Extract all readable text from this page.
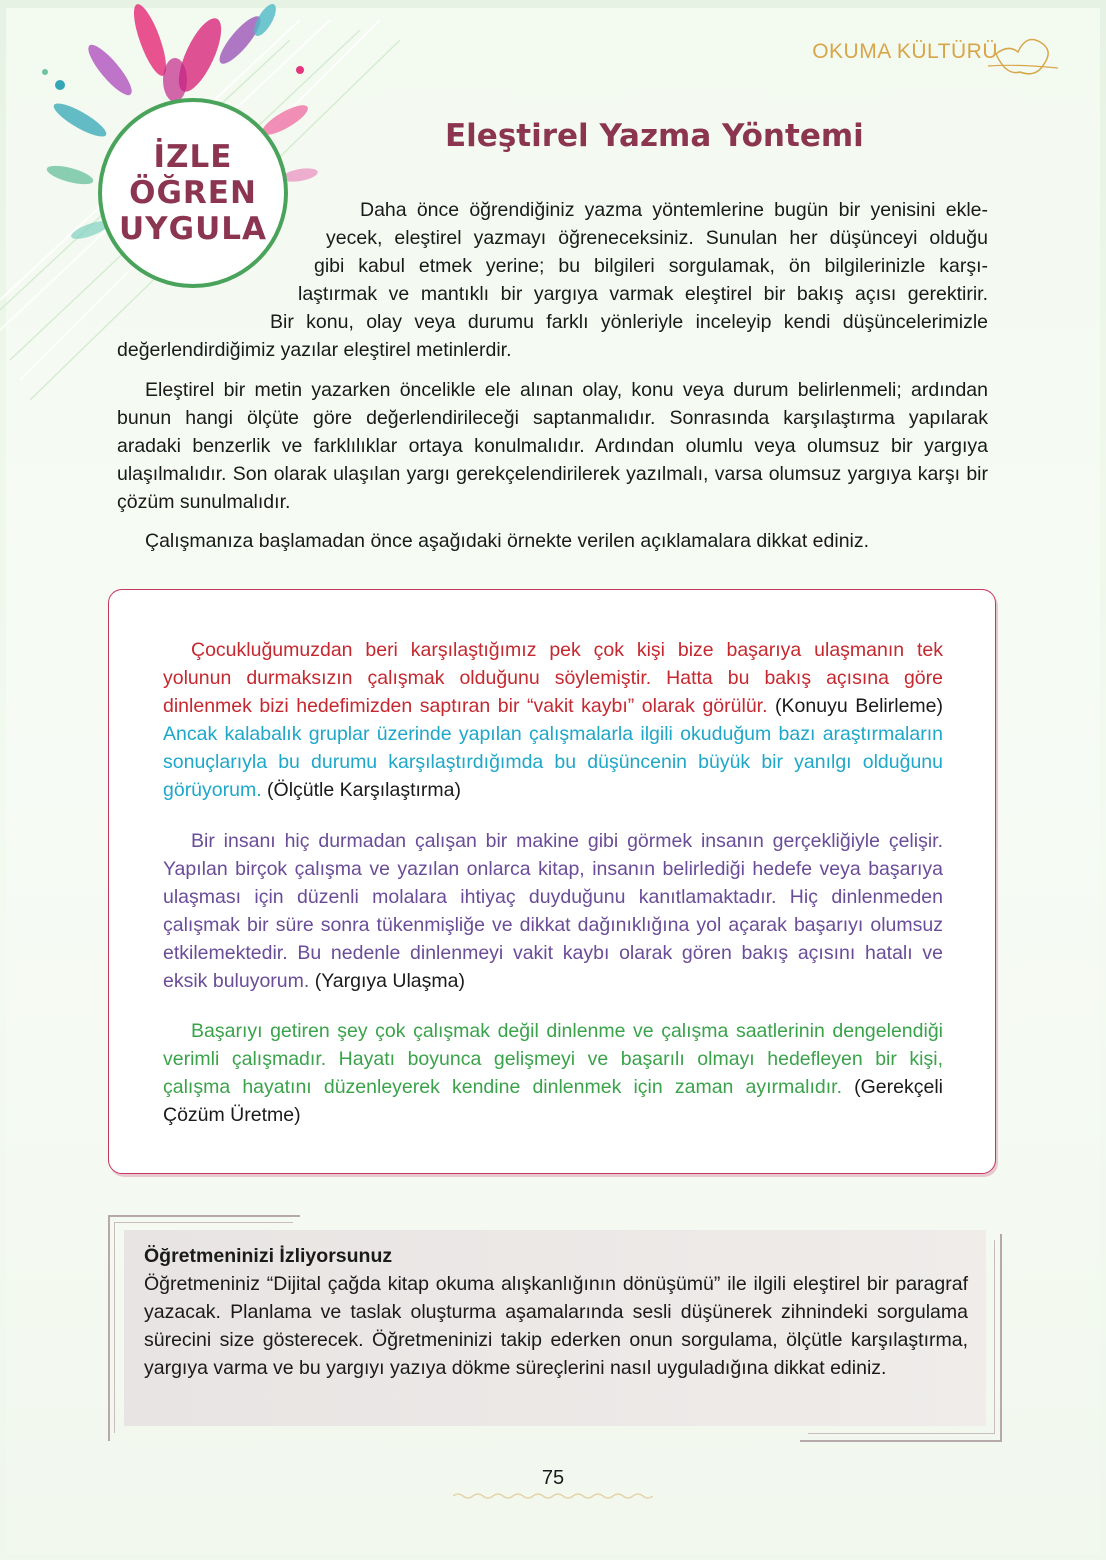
OKUMA KÜLTÜRÜ
İZLE
ÖĞREN
UYGULA
Eleştirel Yazma Yöntemi
Daha önce öğrendiğiniz yazma yöntemlerine bugün bir yenisini ekle-
yecek, eleştirel yazmayı öğreneceksiniz. Sunulan her düşünceyi olduğu
gibi kabul etmek yerine; bu bilgileri sorgulamak, ön bilgilerinizle karşı-
laştırmak ve mantıklı bir yargıya varmak eleştirel bir bakış açısı gerektirir.
Bir konu, olay veya durumu farklı yönleriyle inceleyip kendi düşüncelerimizle

değerlendirdiğimiz yazılar eleştirel metinlerdir.

Eleştirel bir metin yazarken öncelikle ele alınan olay, konu veya durum belirlenmeli; ardından bunun hangi ölçüte göre değerlendirileceği saptanmalıdır. Sonrasında karşılaştırma yapılarak aradaki benzerlik ve farklılıklar ortaya konulmalıdır. Ardından olumlu veya olumsuz bir yargıya ulaşılmalıdır. Son olarak ulaşılan yargı gerekçelendirilerek yazılmalı, varsa olumsuz yargıya karşı bir çözüm sunulmalıdır.

Çalışmanıza başlamadan önce aşağıdaki örnekte verilen açıklamalara dikkat ediniz.

Çocukluğumuzdan beri karşılaştığımız pek çok kişi bize başarıya ulaşmanın tek yolunun durmaksızın çalışmak olduğunu söylemiştir. Hatta bu bakış açısına göre dinlenmek bizi hedefimizden saptıran bir “vakit kaybı” olarak görülür. (Konuyu Belirleme) Ancak kalabalık gruplar üzerinde yapılan çalışmalarla ilgili okuduğum bazı araştırmaların sonuçlarıyla bu durumu karşılaştırdığımda bu düşüncenin büyük bir yanılgı olduğunu görüyorum. (Ölçütle Karşılaştırma)

Bir insanı hiç durmadan çalışan bir makine gibi görmek insanın gerçekliğiyle çelişir. Yapılan birçok çalışma ve yazılan onlarca kitap, insanın belirlediği hedefe veya başarıya ulaşması için düzenli molalara ihtiyaç duyduğunu kanıtlamaktadır. Hiç dinlenmeden çalışmak bir süre sonra tükenmişliğe ve dikkat dağınıklığına yol açarak başarıyı olumsuz etkilemektedir. Bu nedenle dinlenmeyi vakit kaybı olarak gören bakış açısını hatalı ve eksik buluyorum. (Yargıya Ulaşma)

Başarıyı getiren şey çok çalışmak değil dinlenme ve çalışma saatlerinin dengelendiği verimli çalışmadır. Hayatı boyunca gelişmeyi ve başarılı olmayı hedefleyen bir kişi, çalışma hayatını düzenleyerek kendine dinlenmek için zaman ayırmalıdır. (Gerekçeli Çözüm Üretme)

Öğretmeninizi İzliyorsunuz

Öğretmeniniz “Dijital çağda kitap okuma alışkanlığının dönüşümü” ile ilgili eleştirel bir paragraf yazacak. Planlama ve taslak oluşturma aşamalarında sesli düşünerek zihnindeki sorgulama sürecini size gösterecek. Öğretmeninizi takip ederken onun sorgulama, ölçütle karşılaştırma, yargıya varma ve bu yargıyı yazıya dökme süreçlerini nasıl uyguladığına dikkat ediniz.

75
